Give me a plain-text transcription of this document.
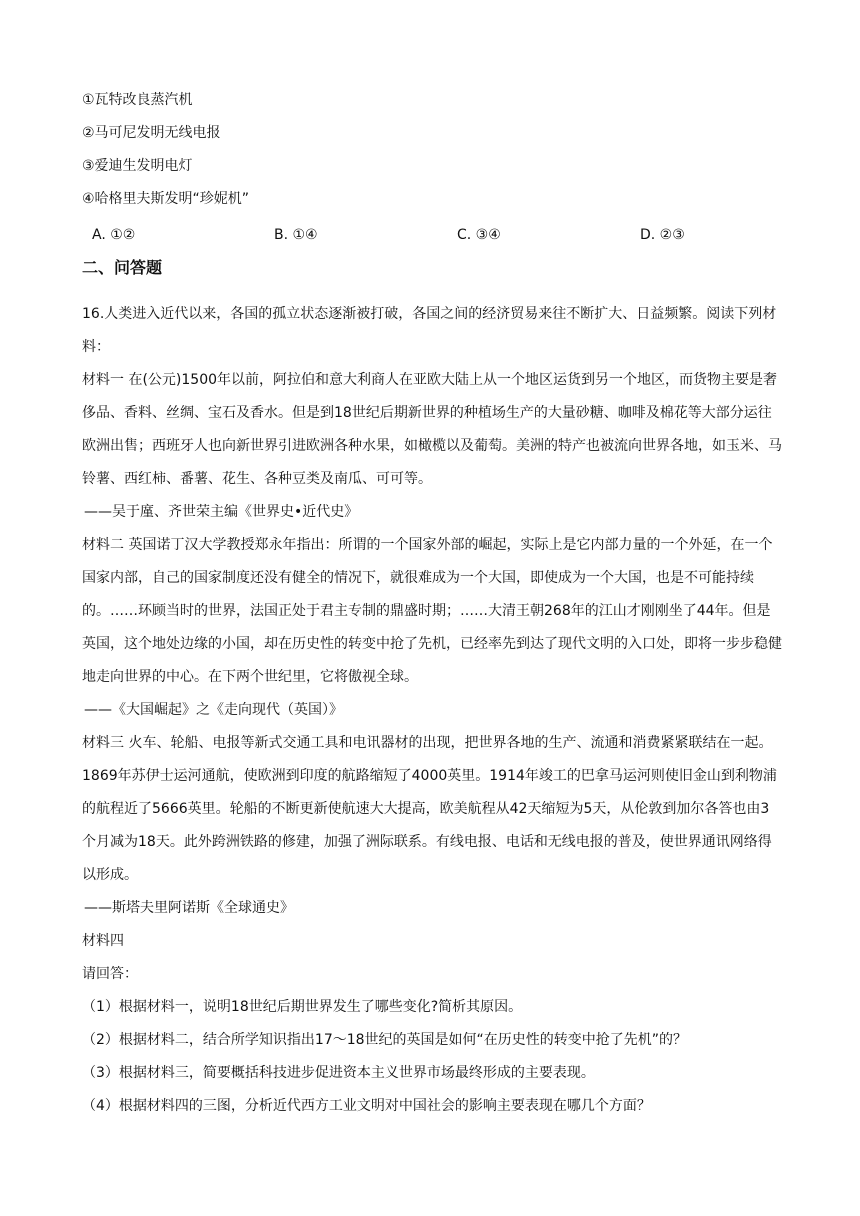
①瓦特改良蒸汽机
②马可尼发明无线电报
③爱迪生发明电灯
④哈格里夫斯发明“珍妮机”
A. ①②	B. ①④	C. ③④	D. ②③
二、问答题

16.人类进入近代以来，各国的孤立状态逐渐被打破，各国之间的经济贸易来往不断扩大、日益频繁。阅读下列材料：

材料一 在(公元)1500年以前，阿拉伯和意大利商人在亚欧大陆上从一个地区运货到另一个地区，而货物主要是奢侈品、香料、丝绸、宝石及香水。但是到18世纪后期新世界的种植场生产的大量砂糖、咖啡及棉花等大部分运往欧洲出售；西班牙人也向新世界引进欧洲各种水果，如橄榄以及葡萄。美洲的特产也被流向世界各地，如玉米、马铃薯、西红柿、番薯、花生、各种豆类及南瓜、可可等。

——吴于廑、齐世荣主编《世界史•近代史》

材料二 英国诺丁汉大学教授郑永年指出：所谓的一个国家外部的崛起，实际上是它内部力量的一个外延，在一个国家内部，自己的国家制度还没有健全的情况下，就很难成为一个大国，即使成为一个大国，也是不可能持续的。……环顾当时的世界，法国正处于君主专制的鼎盛时期；……大清王朝268年的江山才刚刚坐了44年。但是英国，这个地处边缘的小国，却在历史性的转变中抢了先机，已经率先到达了现代文明的入口处，即将一步步稳健地走向世界的中心。在下两个世纪里，它将傲视全球。

——《大国崛起》之《走向现代（英国）》

材料三 火车、轮船、电报等新式交通工具和电讯器材的出现，把世界各地的生产、流通和消费紧紧联结在一起。1869年苏伊士运河通航，使欧洲到印度的航路缩短了4000英里。1914年竣工的巴拿马运河则使旧金山到利物浦的航程近了5666英里。轮船的不断更新使航速大大提高，欧美航程从42天缩短为5天，从伦敦到加尔各答也由3个月减为18天。此外跨洲铁路的修建，加强了洲际联系。有线电报、电话和无线电报的普及，使世界通讯网络得以形成。

——斯塔夫里阿诺斯《全球通史》

材料四

请回答：

（1）根据材料一，说明18世纪后期世界发生了哪些变化?简析其原因。

（2）根据材料二，结合所学知识指出17～18世纪的英国是如何“在历史性的转变中抢了先机”的？

（3）根据材料三，简要概括科技进步促进资本主义世界市场最终形成的主要表现。

（4）根据材料四的三图，分析近代西方工业文明对中国社会的影响主要表现在哪几个方面？
